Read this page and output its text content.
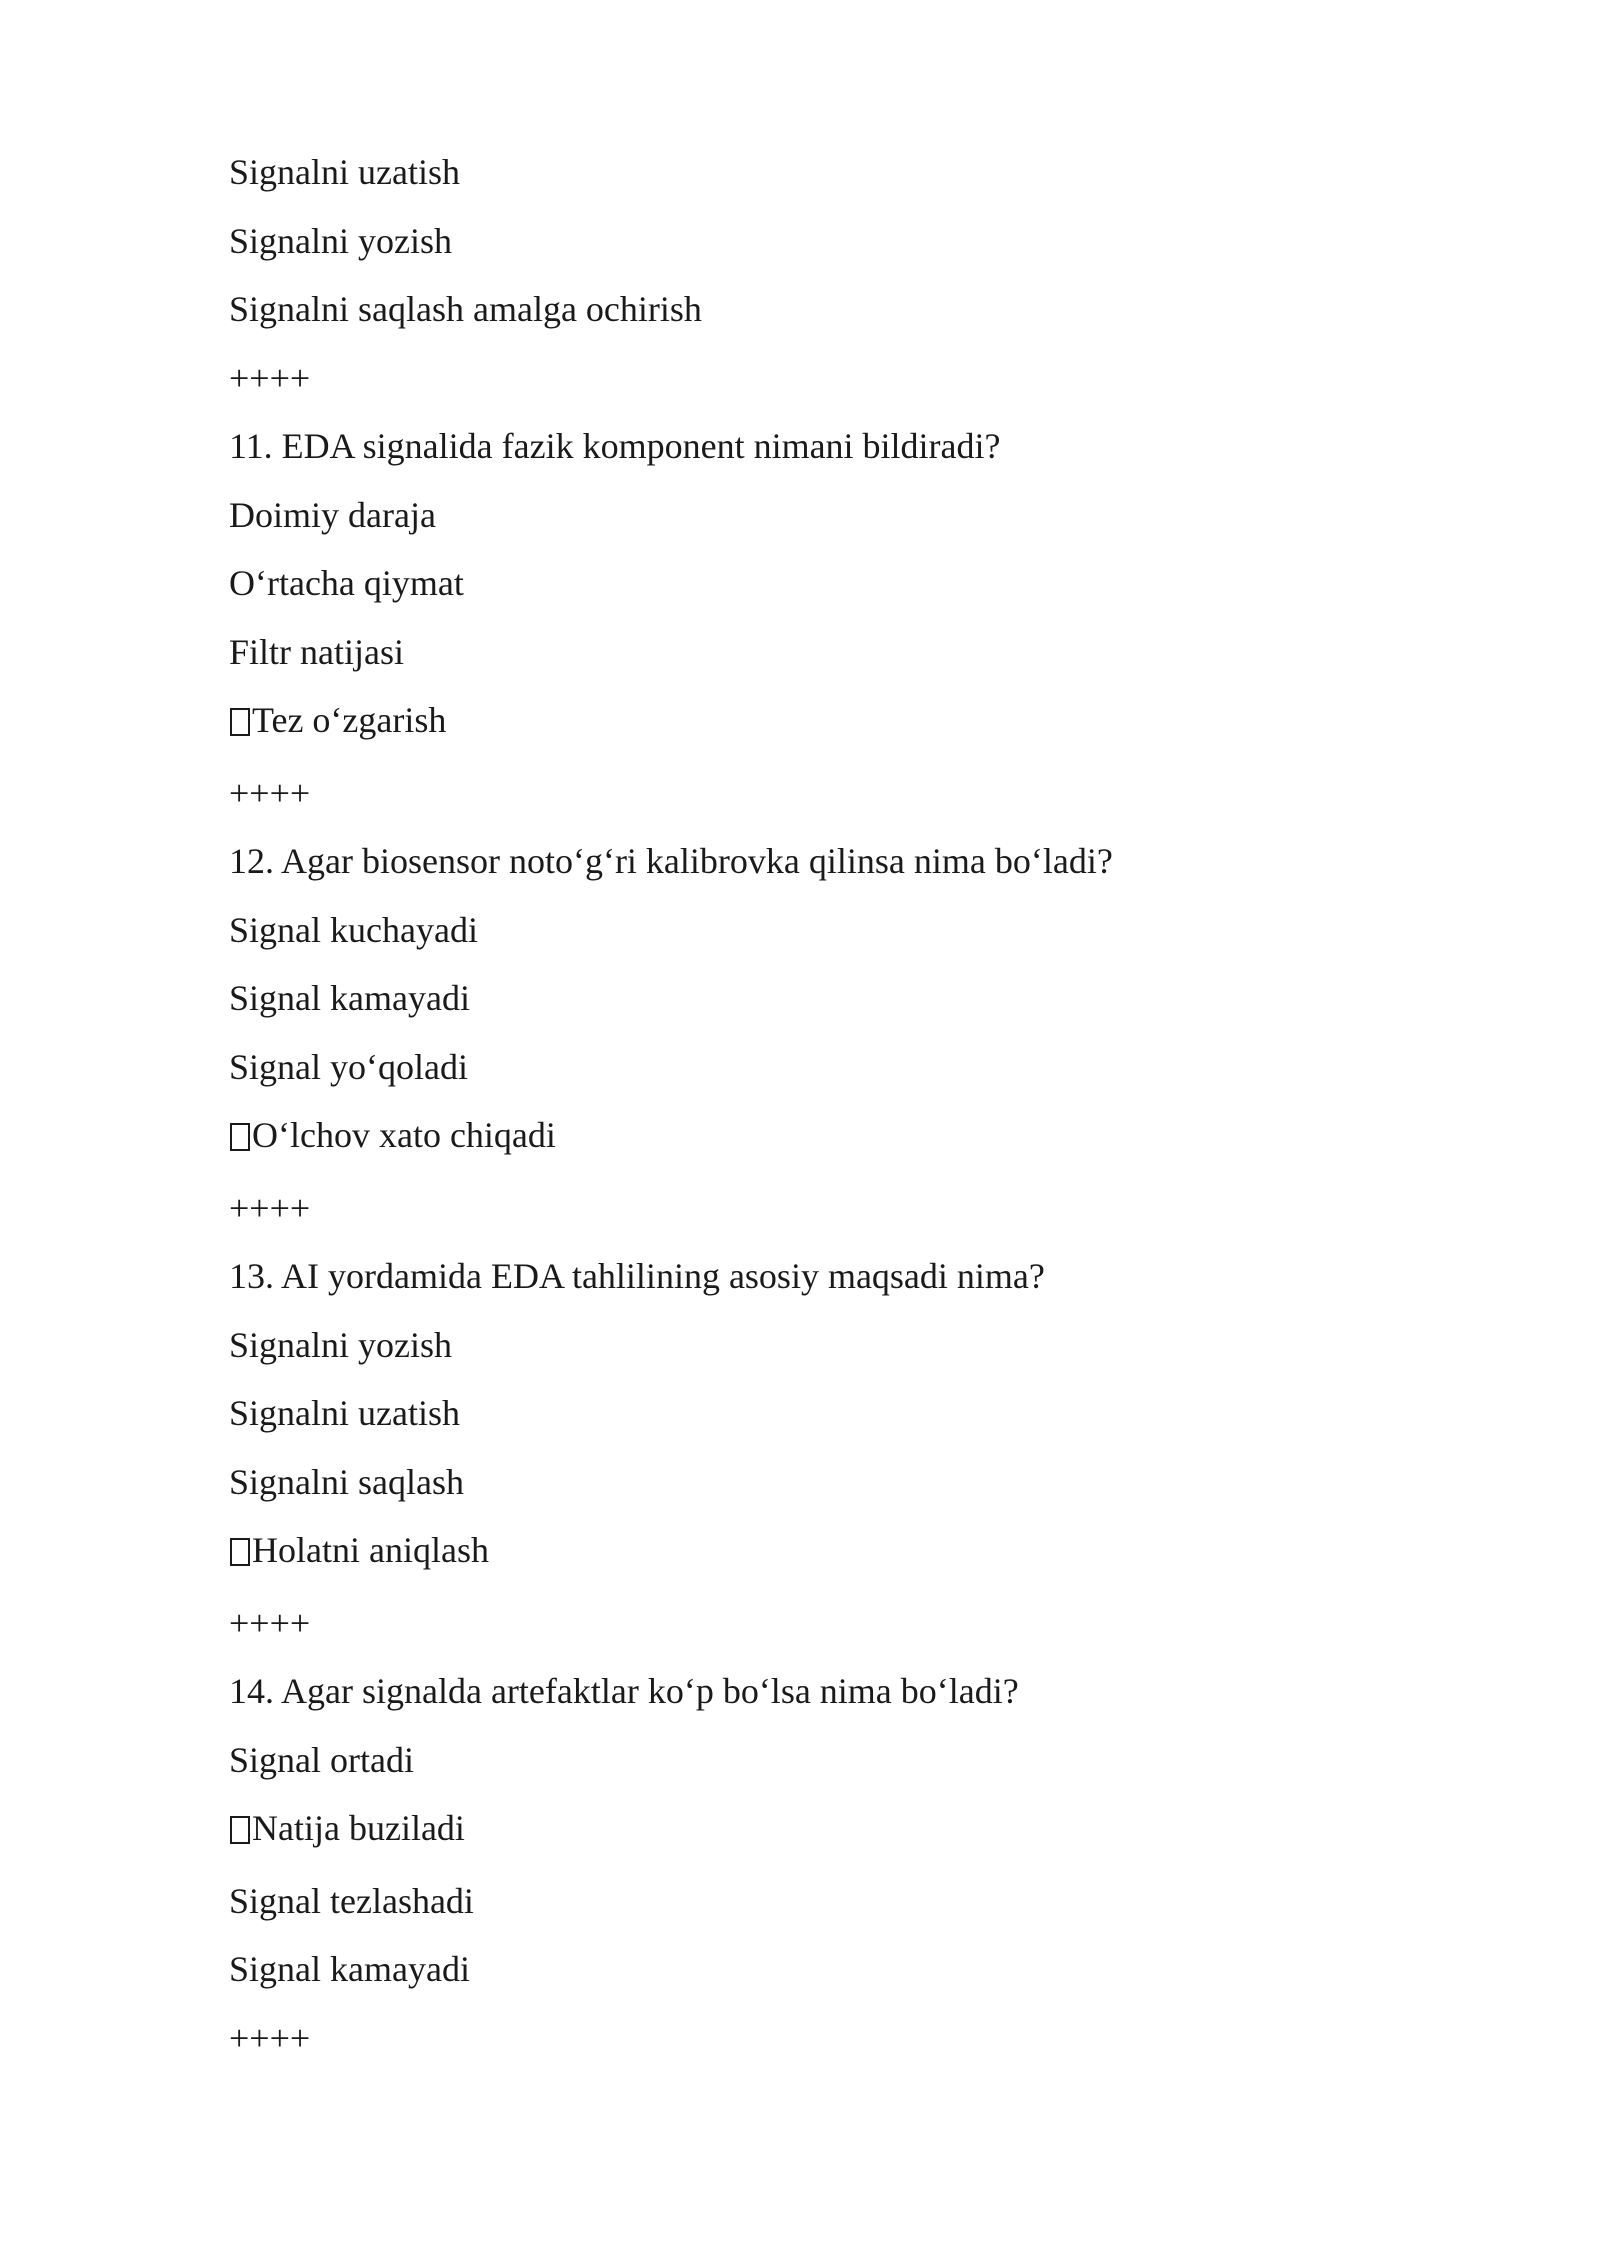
Signalni uzatish
Signalni yozish
Signalni saqlash amalga ochirish
++++
11. EDA signalida fazik komponent nimani bildiradi?
Doimiy daraja
Oʻrtacha qiymat
Filtr natijasi
Tez oʻzgarish
++++
12. Agar biosensor notoʻgʻri kalibrovka qilinsa nima boʻladi?
Signal kuchayadi
Signal kamayadi
Signal yoʻqoladi
Oʻlchov xato chiqadi
++++
13. AI yordamida EDA tahlilining asosiy maqsadi nima?
Signalni yozish
Signalni uzatish
Signalni saqlash
Holatni aniqlash
++++
14. Agar signalda artefaktlar koʻp boʻlsa nima boʻladi?
Signal ortadi
Natija buziladi
Signal tezlashadi
Signal kamayadi
++++
